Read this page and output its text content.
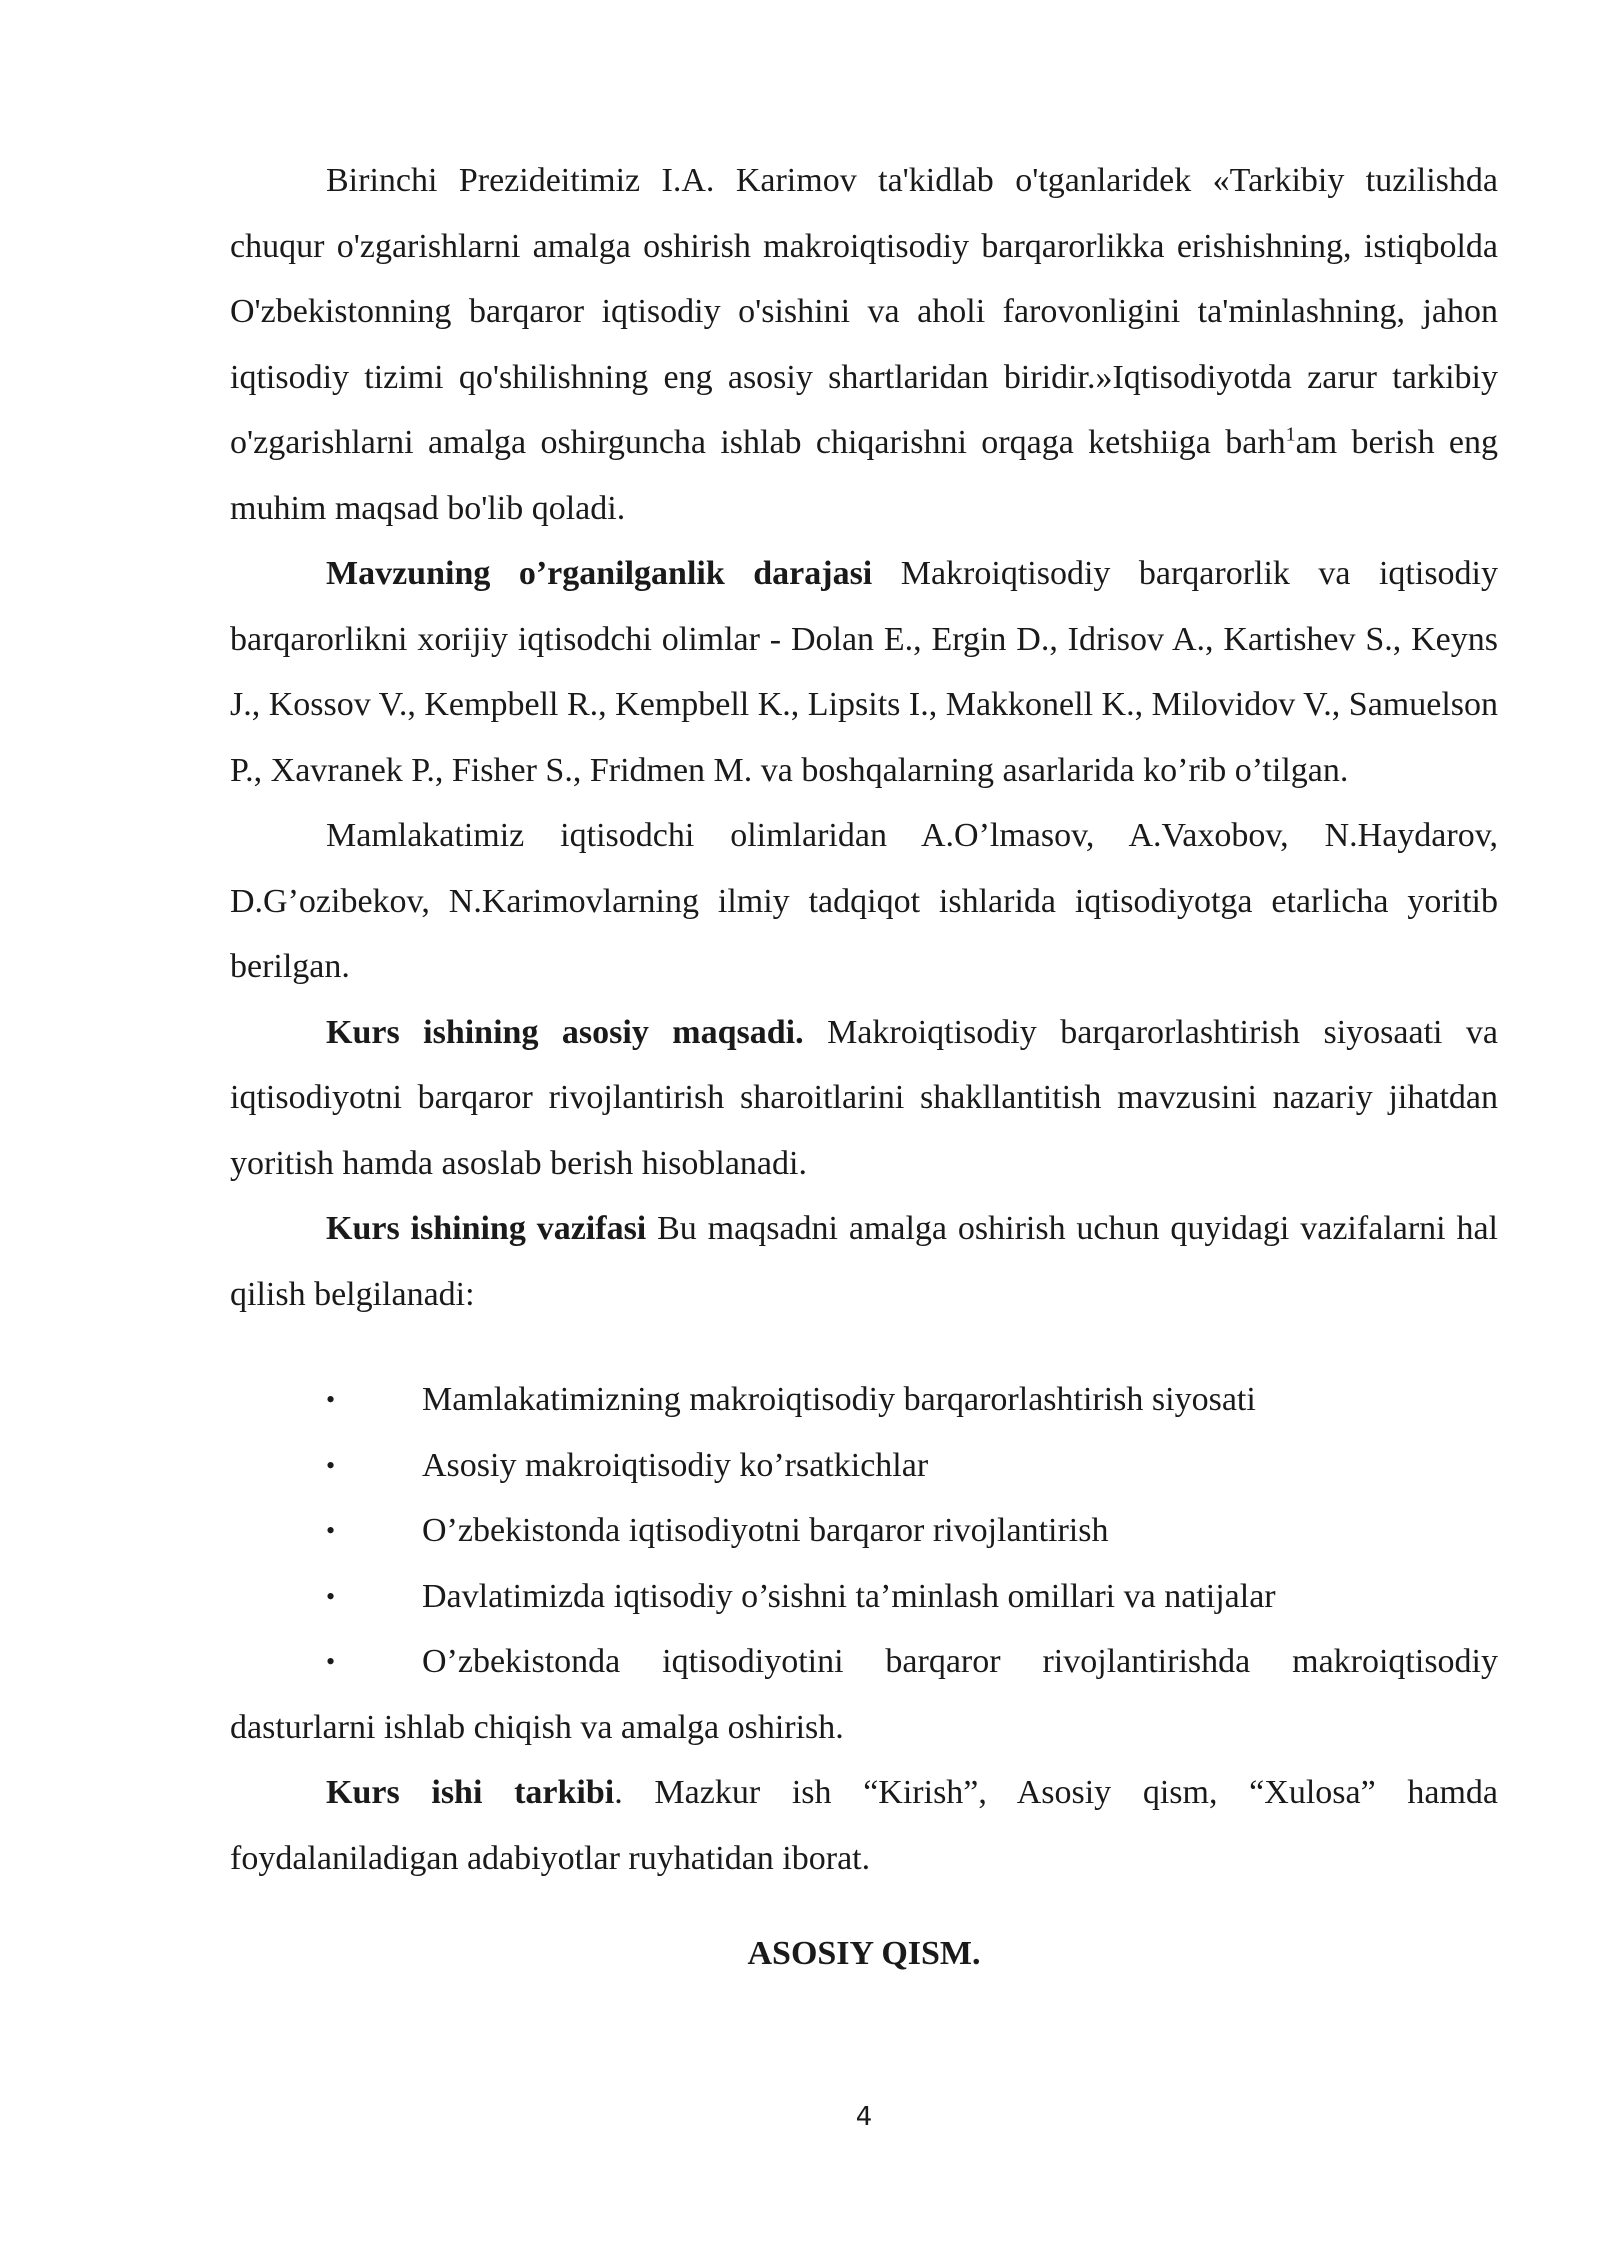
Birinchi Prezideitimiz I.A. Karimov ta'kidlab o'tganlaridek «Tarkibiy tuzilishda chuqur o'zgarishlarni amalga oshirish makroiqtisodiy barqarorlikka erishishning, istiqbolda O'zbekistonning barqaror iqtisodiy o'sishini va aholi farovonligini ta'minlashning, jahon iqtisodiy tizimi qo'shilishning eng asosiy shartlaridan biridir.»Iqtisodiyotda zarur tarkibiy o'zgarishlarni amalga oshirguncha ishlab chiqarishni orqaga ketshiiga barh$^1$am berish eng muhim maqsad bo'lib qoladi.

Mavzuning o’rganilganlik darajasi Makroiqtisodiy barqarorlik va iqtisodiy barqarorlikni xorijiy iqtisodchi olimlar - Dolan E., Ergin D., Idrisov A., Kartishev S., Keyns J., Kossov V., Kempbell R., Kempbell K., Lipsits I., Makkonell K., Milovidov V., Samuelson P., Xavranek P., Fisher S., Fridmen M. va boshqalarning asarlarida ko’rib o’tilgan.

Mamlakatimiz iqtisodchi olimlaridan A.O’lmasov, A.Vaxobov, N.Haydarov, D.G’ozibekov, N.Karimovlarning ilmiy tadqiqot ishlarida iqtisodiyotga etarlicha yoritib berilgan.

Kurs ishining asosiy maqsadi. Makroiqtisodiy barqarorlashtirish siyosaati va iqtisodiyotni barqaror rivojlantirish sharoitlarini shakllantitish mavzusini nazariy jihatdan yoritish hamda asoslab berish hisoblanadi.

Kurs ishining vazifasi Bu maqsadni amalga oshirish uchun quyidagi vazifalarni hal qilish belgilanadi:

•	Mamlakatimizning makroiqtisodiy barqarorlashtirish siyosati
•	Asosiy makroiqtisodiy ko’rsatkichlar
•	O’zbekistonda iqtisodiyotni barqaror rivojlantirish
•	Davlatimizda iqtisodiy o’sishni ta’minlash omillari va natijalar
•	O’zbekistonda iqtisodiyotini barqaror rivojlantirishda makroiqtisodiy dasturlarni ishlab chiqish va amalga oshirish.

Kurs ishi tarkibi. Mazkur ish “Kirish”, Asosiy qism, “Xulosa” hamda foydalaniladigan adabiyotlar ruyhatidan iborat.

ASOSIY QISM.

4
